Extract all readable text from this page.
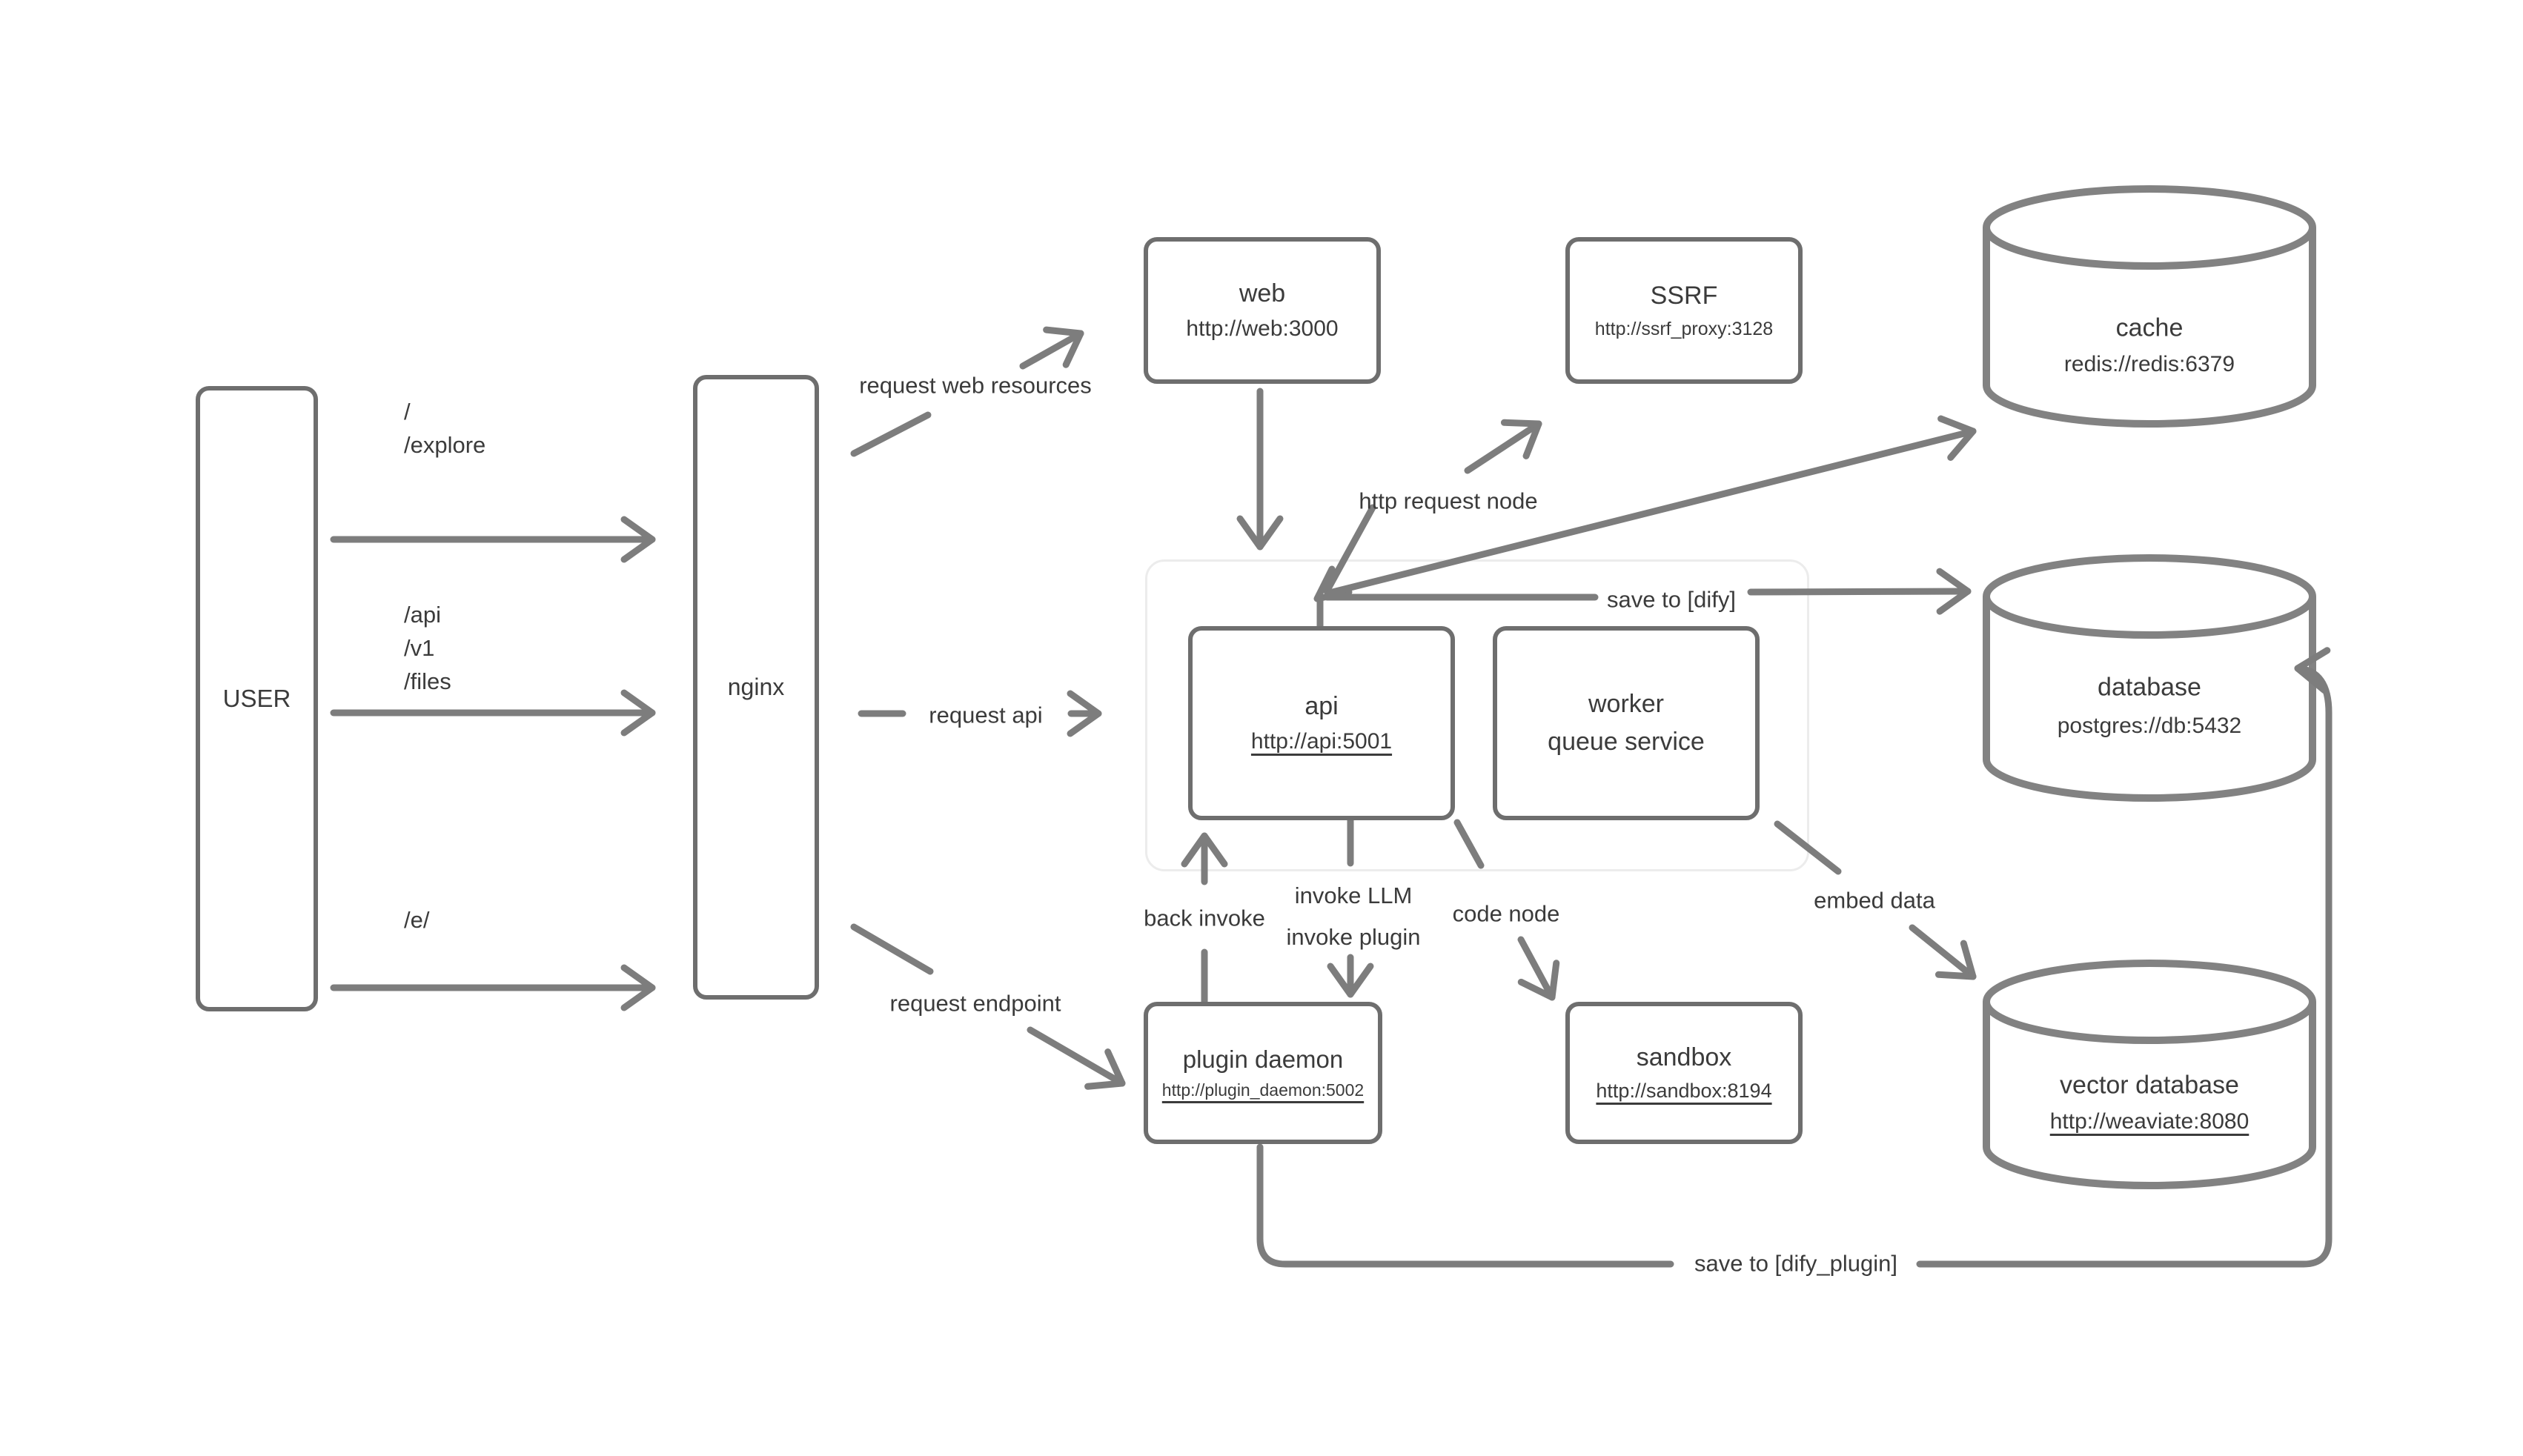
USER	nginx
web
http://web:3000
SSRF
http://ssrf_proxy:3128
api
http://api:5001
worker
queue service
plugin daemon
http://plugin_daemon:5002
sandbox
http://sandbox:8194
cache
redis://redis:6379
database
postgres://db:5432
vector database
http://weaviate:8080
/
/explore
/api
/v1
/files
/e/
request web resources
request api
request endpoint
http request node
save to [dify]
back invoke
invoke LLM
invoke plugin
code node
embed data
save to [dify_plugin]
